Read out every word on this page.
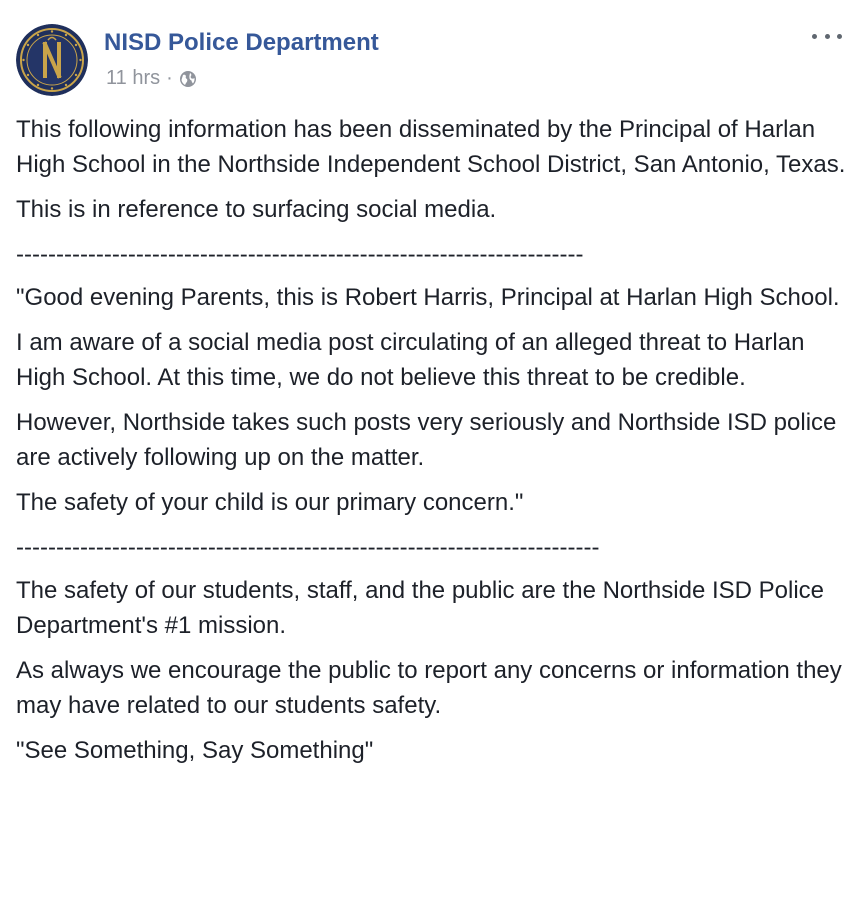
NISD Police Department
11 hrs ·

This following information has been disseminated by the Principal of Harlan High School in the Northside Independent School District, San Antonio, Texas.

This is in reference to surfacing social media.

-----------------------------------------------------------------------

"Good evening Parents, this is Robert Harris, Principal at Harlan High School.

I am aware of a social media post circulating of an alleged threat to Harlan High School. At this time, we do not believe this threat to be credible.

However, Northside takes such posts very seriously and Northside ISD police are actively following up on the matter.

The safety of your child is our primary concern."

-------------------------------------------------------------------------

The safety of our students, staff, and the public are the Northside ISD Police Department's #1 mission.

As always we encourage the public to report any concerns or information they may have related to our students safety.

"See Something, Say Something"
